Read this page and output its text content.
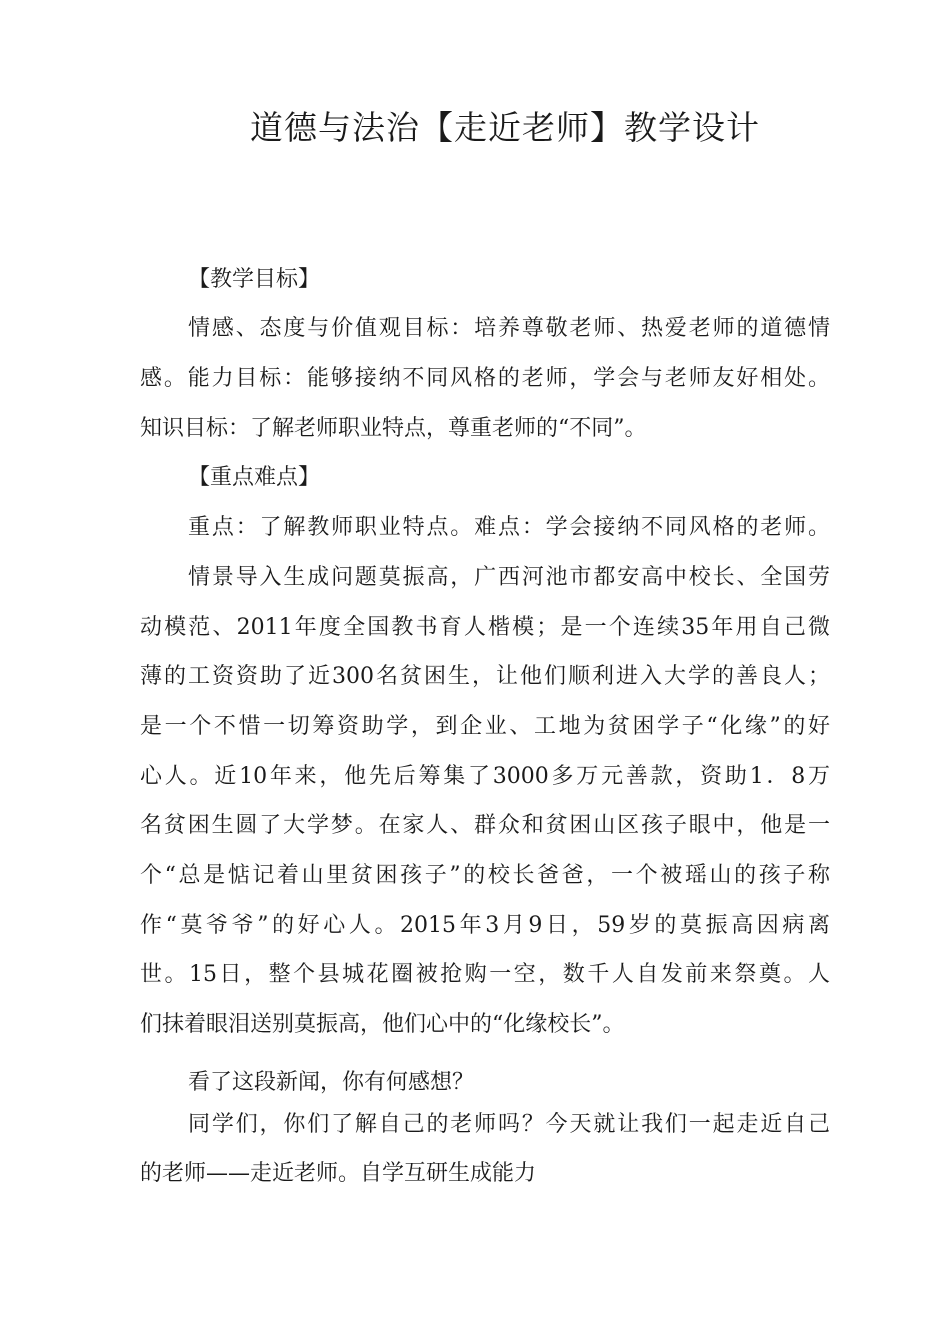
道德与法治【走近老师】教学设计
【教学目标】
情感、态度与价值观目标：培养尊敬老师、热爱老师的道德情
感。能力目标：能够接纳不同风格的老师，学会与老师友好相处。
知识目标：了解老师职业特点，尊重老师的“不同”。
【重点难点】
重点：了解教师职业特点。难点：学会接纳不同风格的老师。
情景导入生成问题莫振高，广西河池市都安高中校长、全国劳
动模范、2011年度全国教书育人楷模；是一个连续35年用自己微
薄的工资资助了近300名贫困生，让他们顺利进入大学的善良人；
是一个不惜一切筹资助学，到企业、工地为贫困学子“化缘”的好
心人。近10年来，他先后筹集了3000多万元善款，资助1．8万
名贫困生圆了大学梦。在家人、群众和贫困山区孩子眼中，他是一
个“总是惦记着山里贫困孩子”的校长爸爸，一个被瑶山的孩子称
作“莫爷爷”的好心人。2015年3月9日，59岁的莫振高因病离
世。15日，整个县城花圈被抢购一空，数千人自发前来祭奠。人
们抹着眼泪送别莫振高，他们心中的“化缘校长”。
看了这段新闻，你有何感想？
同学们，你们了解自己的老师吗？今天就让我们一起走近自己
的老师——走近老师。自学互研生成能力
